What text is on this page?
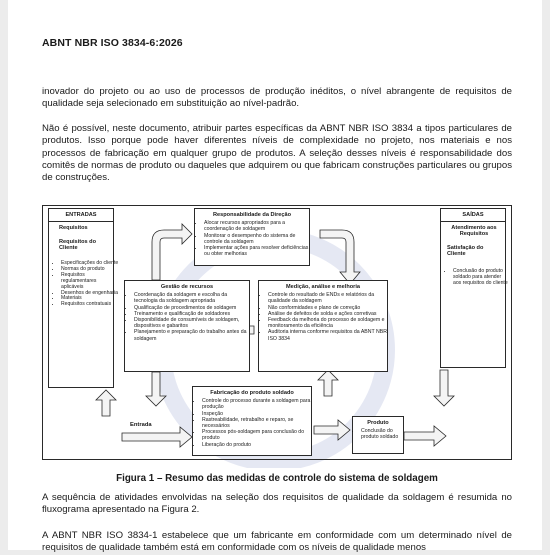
ABNT NBR ISO 3834-6:2026
inovador do projeto ou ao uso de processos de produção inéditos, o nível abrangente de requisitos de qualidade seja selecionado em substituição ao nível-padrão.
Não é possível, neste documento, atribuir partes específicas da ABNT NBR ISO 3834 a tipos particulares de produtos. Isso porque pode haver diferentes níveis de complexidade no projeto, nos materiais e nos processos de fabricação em qualquer grupo de produtos. A seleção desses níveis é responsabilidade dos comitês de normas de produto ou daqueles que adquirem ou que fabricam construções particulares ou grupos de construções.
ENTRADAS
Requisitos
Requisitos do Cliente
• Especificações do cliente
• Normas do produto
• Requisitos regulamentares aplicáveis
• Desenhos de engenharia
• Materiais
• Requisitos contratuais
SAÍDAS
Atendimento aos Requisitos
Satisfação do Cliente
• Conclusão do produto soldado para atender aos requisitos do cliente
Responsabilidade da Direção
• Alocar recursos apropriados para a coordenação de soldagem
• Monitorar o desempenho do sistema de controle da soldagem
• Implementar ações para resolver deficiências ou obter melhorias
Gestão de recursos
• Coordenação da soldagem e escolha da tecnologia da soldagem apropriada
• Qualificação de procedimentos de soldagem
• Treinamento e qualificação de soldadores
• Disponibilidade de consumíveis de soldagem, dispositivos e gabaritos
• Planejamento e preparação do trabalho antes da soldagem
Medição, análise e melhoria
• Controle do resultado de ENDs e relatórios da qualidade da soldagem
• Não conformidades e plano de correção
• Análise de defeitos de solda e ações corretivas
• Feedback da melhoria do processo de soldagem e monitoramento da eficiência
• Auditoria interna conforme requisitos da ABNT NBR ISO 3834
Fabricação do produto soldado
• Controle do processo durante a soldagem para produção
• Inspeção
• Rastreabilidade, retrabalho e reparo, se necessários
• Processos pós-soldagem para conclusão do produto
• Liberação do produto
Produto
• Conclusão do produto soldado
Entrada
Figura 1 – Resumo das medidas de controle do sistema de soldagem
A sequência de atividades envolvidas na seleção dos requisitos de qualidade da soldagem é resumida no fluxograma apresentado na Figura 2.
A ABNT NBR ISO 3834-1 estabelece que um fabricante em conformidade com um determinado nível de requisitos de qualidade também está em conformidade com os níveis de qualidade menos
